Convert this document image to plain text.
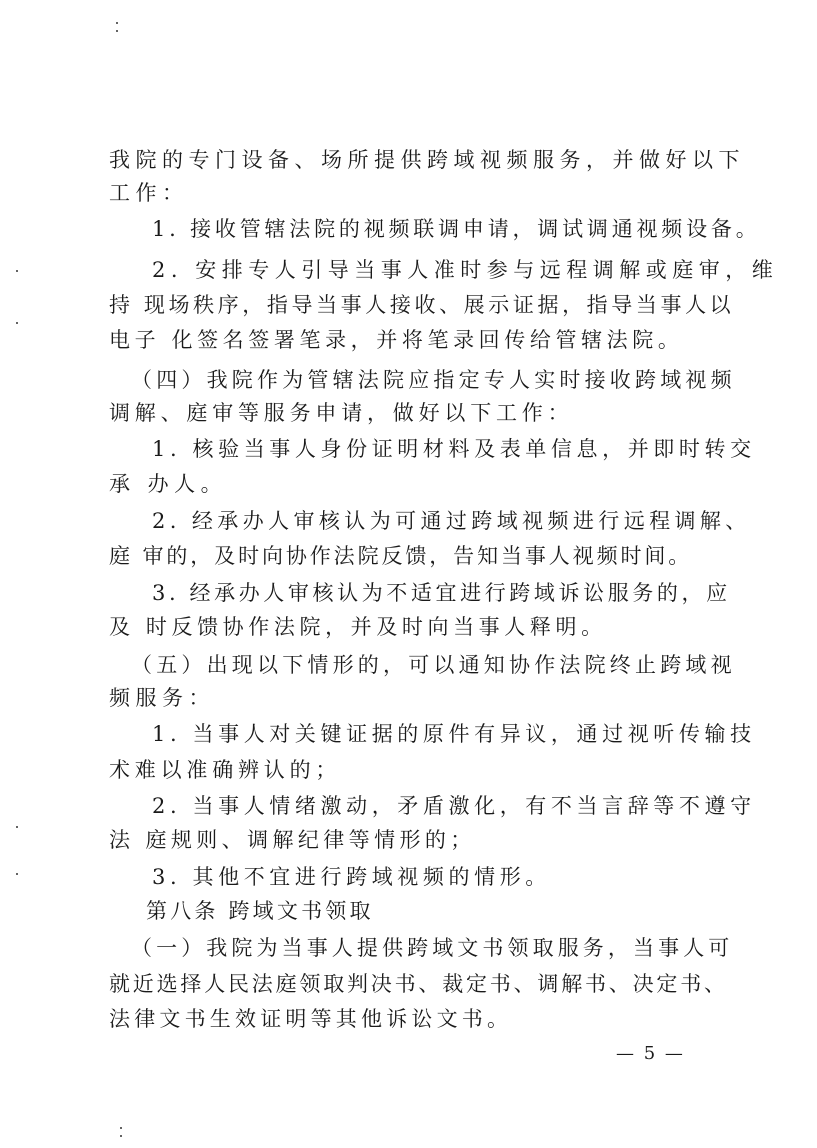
我院的专门设备、场所提供跨域视频服务，并做好以下
工作：
1. 接收管辖法院的视频联调申请，调试调通视频设备。
2. 安排专人引导当事人准时参与远程调解或庭审，维
持 现场秩序，指导当事人接收、展示证据，指导当事人以
电子 化签名签署笔录，并将笔录回传给管辖法院。
（四）我院作为管辖法院应指定专人实时接收跨域视频
调解、庭审等服务申请，做好以下工作：
1. 核验当事人身份证明材料及表单信息，并即时转交
承 办人。
2. 经承办人审核认为可通过跨域视频进行远程调解、
庭 审的，及时向协作法院反馈，告知当事人视频时间。
3. 经承办人审核认为不适宜进行跨域诉讼服务的，应
及 时反馈协作法院，并及时向当事人释明。
（五）出现以下情形的，可以通知协作法院终止跨域视
频服务：
1. 当事人对关键证据的原件有异议，通过视听传输技
术难以准确辨认的；
2. 当事人情绪激动，矛盾激化，有不当言辞等不遵守
法 庭规则、调解纪律等情形的；
3. 其他不宜进行跨域视频的情形。
第八条 跨域文书领取
（一）我院为当事人提供跨域文书领取服务，当事人可
就近选择人民法庭领取判决书、裁定书、调解书、决定书、
法律文书生效证明等其他诉讼文书。
— 5 —
